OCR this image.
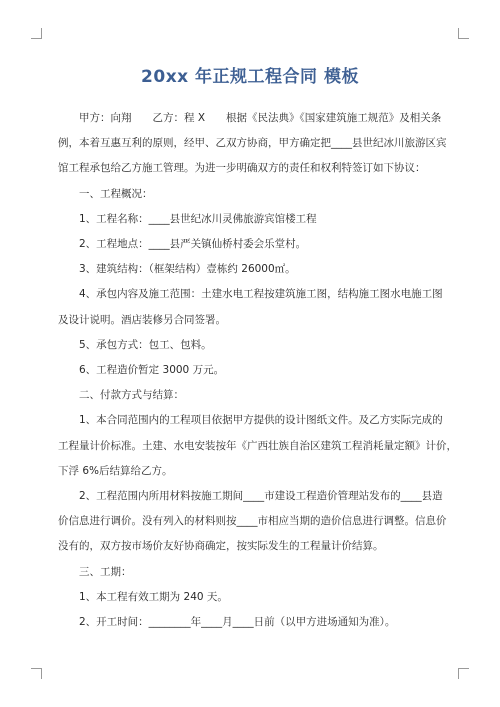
20xx 年正规工程合同 模板

甲方：向翔　　乙方：程 X　　根据《民法典》《国家建筑施工规范》及相关条

例，本着互惠互利的原则，经甲、乙双方协商，甲方确定把____县世纪冰川旅游区宾

馆工程承包给乙方施工管理。为进一步明确双方的责任和权利特签订如下协议：

一、工程概况：

1、工程名称：____县世纪冰川灵佛旅游宾馆楼工程

2、工程地点：____县严关镇仙桥村委会乐堂村。

3、建筑结构：（框架结构）壹栋约 26000㎡。

4、承包内容及施工范围：土建水电工程按建筑施工图，结构施工图水电施工图

及设计说明。酒店装修另合同签署。

5、承包方式：包工、包料。

6、工程造价暂定 3000 万元。

二、付款方式与结算：

1、本合同范围内的工程项目依据甲方提供的设计图纸文件。及乙方实际完成的

工程量计价标准。土建、水电安装按年《广西壮族自治区建筑工程消耗量定额》计价，

下浮 6%后结算给乙方。

2、工程范围内所用材料按施工期间____市建设工程造价管理站发布的____县造

价信息进行调价。没有列入的材料则按____市相应当期的造价信息进行调整。信息价

没有的，双方按市场价友好协商确定，按实际发生的工程量计价结算。

三、工期：

1、本工程有效工期为 240 天。

2、开工时间：________年____月____日前（以甲方进场通知为准）。
